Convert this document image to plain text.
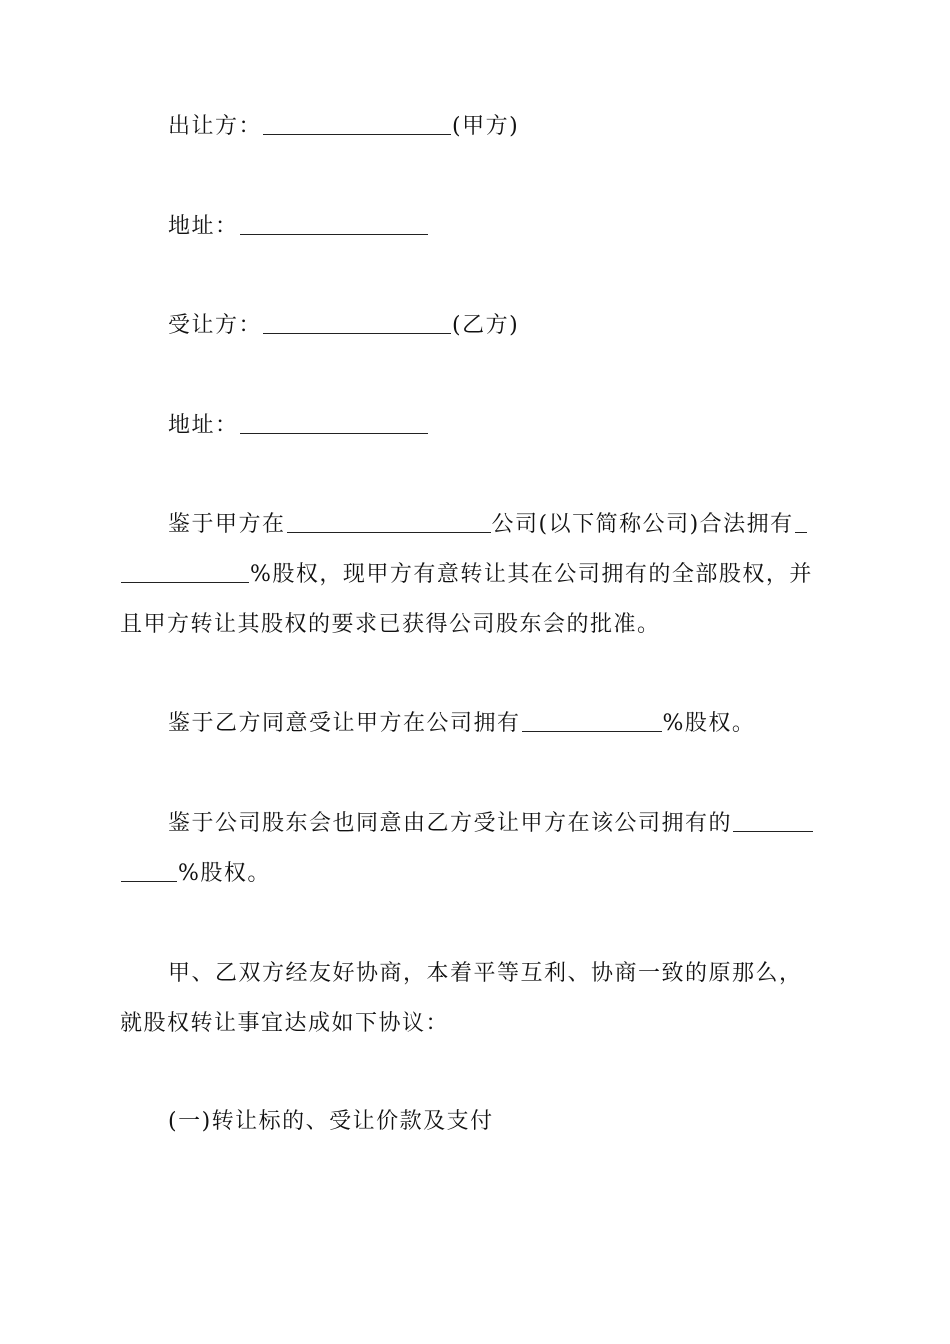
出让方：	(甲方)
地址：
受让方：	(乙方)
地址：
鉴于甲方在	公司(以下简称公司)合法拥有
%股权，现甲方有意转让其在公司拥有的全部股权，并
且甲方转让其股权的要求已获得公司股东会的批准。
鉴于乙方同意受让甲方在公司拥有	%股权。
鉴于公司股东会也同意由乙方受让甲方在该公司拥有的
%股权。
甲、乙双方经友好协商，本着平等互利、协商一致的原那么，
就股权转让事宜达成如下协议：
(一)转让标的、受让价款及支付
